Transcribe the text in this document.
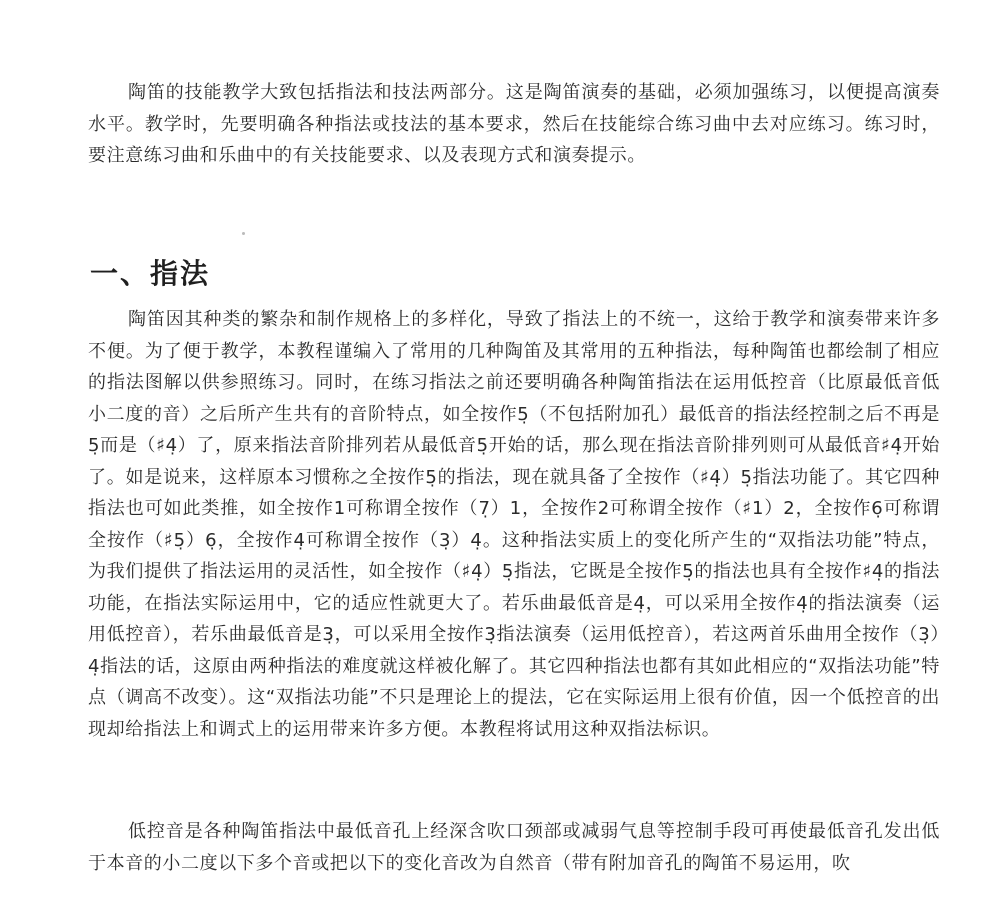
陶笛的技能教学大致包括指法和技法两部分。这是陶笛演奏的基础，必须加强练习，以便提高演奏水平。教学时，先要明确各种指法或技法的基本要求，然后在技能综合练习曲中去对应练习。练习时，要注意练习曲和乐曲中的有关技能要求、以及表现方式和演奏提示。

一、指法

陶笛因其种类的繁杂和制作规格上的多样化，导致了指法上的不统一，这给于教学和演奏带来许多不便。为了便于教学，本教程谨编入了常用的几种陶笛及其常用的五种指法，每种陶笛也都绘制了相应的指法图解以供参照练习。同时，在练习指法之前还要明确各种陶笛指法在运用低控音（比原最低音低小二度的音）之后所产生共有的音阶特点，如全按作5̣（不包括附加孔）最低音的指法经控制之后不再是5̣而是（♯4̣）了，原来指法音阶排列若从最低音5̣开始的话，那么现在指法音阶排列则可从最低音♯4̣开始了。如是说来，这样原本习惯称之全按作5̣的指法，现在就具备了全按作（♯4̣）5̣指法功能了。其它四种指法也可如此类推，如全按作1可称谓全按作（7̣）1，全按作2可称谓全按作（♯1）2，全按作6̣可称谓全按作（♯5̣）6̣，全按作4̣可称谓全按作（3̣）4̣。这种指法实质上的变化所产生的“双指法功能”特点，为我们提供了指法运用的灵活性，如全按作（♯4̣）5̣指法，它既是全按作5̣的指法也具有全按作♯4̣的指法功能，在指法实际运用中，它的适应性就更大了。若乐曲最低音是4̣，可以采用全按作4̣的指法演奏（运用低控音），若乐曲最低音是3̣，可以采用全按作3̣指法演奏（运用低控音），若这两首乐曲用全按作（3̣）4̣指法的话，这原由两种指法的难度就这样被化解了。其它四种指法也都有其如此相应的“双指法功能”特点（调高不改变）。这“双指法功能”不只是理论上的提法，它在实际运用上很有价值，因一个低控音的出现却给指法上和调式上的运用带来许多方便。本教程将试用这种双指法标识。

低控音是各种陶笛指法中最低音孔上经深含吹口颈部或减弱气息等控制手段可再使最低音孔发出低于本音的小二度以下多个音或把以下的变化音改为自然音（带有附加音孔的陶笛不易运用，吹
